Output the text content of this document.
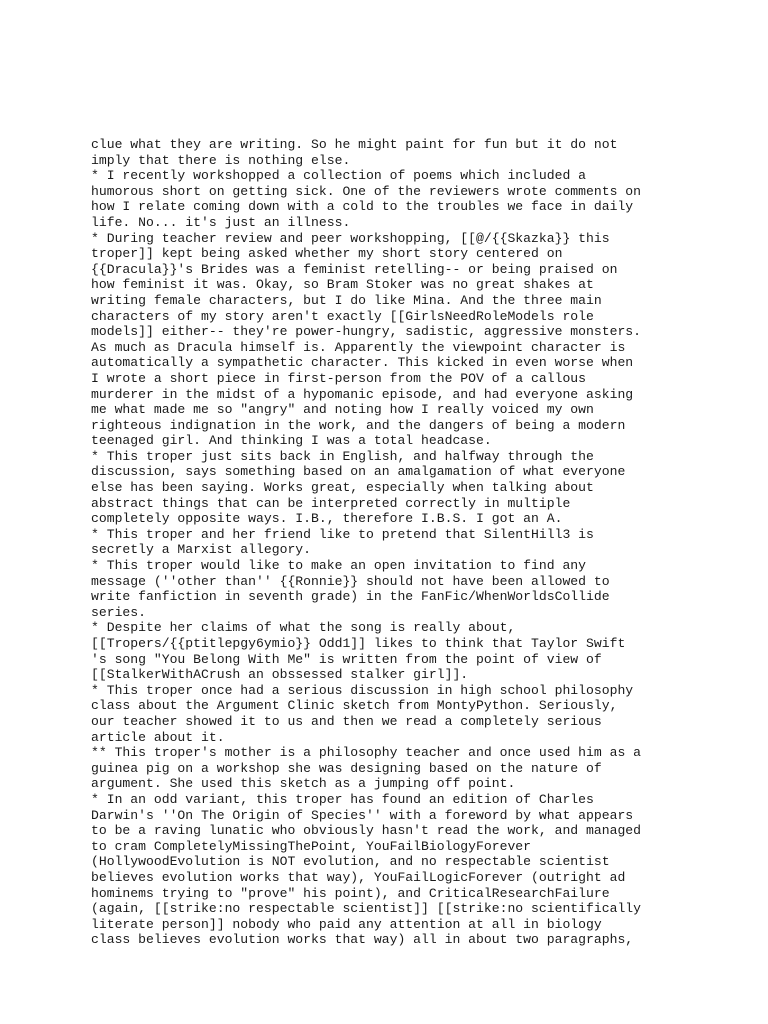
clue what they are writing. So he might paint for fun but it do not
imply that there is nothing else.
* I recently workshopped a collection of poems which included a
humorous short on getting sick. One of the reviewers wrote comments on
how I relate coming down with a cold to the troubles we face in daily
life. No... it's just an illness.
* During teacher review and peer workshopping, [[@/{{Skazka}} this
troper]] kept being asked whether my short story centered on
{{Dracula}}'s Brides was a feminist retelling-- or being praised on
how feminist it was. Okay, so Bram Stoker was no great shakes at
writing female characters, but I do like Mina. And the three main
characters of my story aren't exactly [[GirlsNeedRoleModels role
models]] either-- they're power-hungry, sadistic, aggressive monsters.
As much as Dracula himself is. Apparently the viewpoint character is
automatically a sympathetic character. This kicked in even worse when
I wrote a short piece in first-person from the POV of a callous
murderer in the midst of a hypomanic episode, and had everyone asking
me what made me so "angry" and noting how I really voiced my own
righteous indignation in the work, and the dangers of being a modern
teenaged girl. And thinking I was a total headcase.
* This troper just sits back in English, and halfway through the
discussion, says something based on an amalgamation of what everyone
else has been saying. Works great, especially when talking about
abstract things that can be interpreted correctly in multiple
completely opposite ways. I.B., therefore I.B.S. I got an A.
* This troper and her friend like to pretend that SilentHill3 is
secretly a Marxist allegory.
* This troper would like to make an open invitation to find any
message (''other than'' {{Ronnie}} should not have been allowed to
write fanfiction in seventh grade) in the FanFic/WhenWorldsCollide
series.
* Despite her claims of what the song is really about,
[[Tropers/{{ptitlepgy6ymio}} Odd1]] likes to think that Taylor Swift
's song "You Belong With Me" is written from the point of view of
[[StalkerWithACrush an obssessed stalker girl]].
* This troper once had a serious discussion in high school philosophy
class about the Argument Clinic sketch from MontyPython. Seriously,
our teacher showed it to us and then we read a completely serious
article about it.
** This troper's mother is a philosophy teacher and once used him as a
guinea pig on a workshop she was designing based on the nature of
argument. She used this sketch as a jumping off point.
* In an odd variant, this troper has found an edition of Charles
Darwin's ''On The Origin of Species'' with a foreword by what appears
to be a raving lunatic who obviously hasn't read the work, and managed
to cram CompletelyMissingThePoint, YouFailBiologyForever
(HollywoodEvolution is NOT evolution, and no respectable scientist
believes evolution works that way), YouFailLogicForever (outright ad
hominems trying to "prove" his point), and CriticalResearchFailure
(again, [[strike:no respectable scientist]] [[strike:no scientifically
literate person]] nobody who paid any attention at all in biology
class believes evolution works that way) all in about two paragraphs,
